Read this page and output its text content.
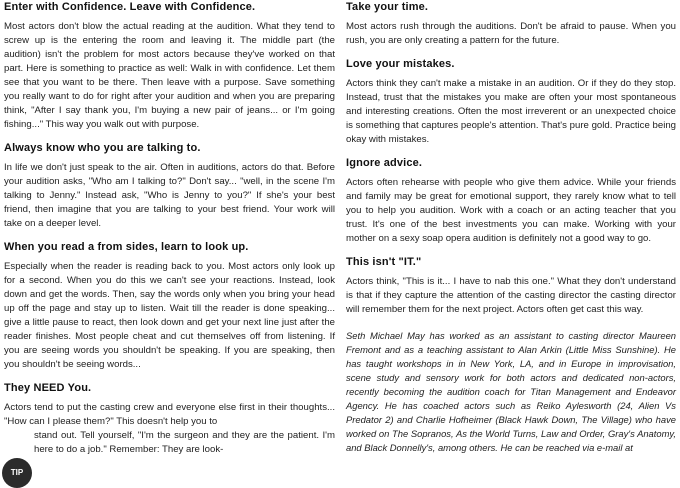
Enter with Confidence. Leave with Confidence.

Most actors don't blow the actual reading at the audition. What they tend to screw up is the entering the room and leaving it. The middle part (the audition) isn't the problem for most actors because they've worked on that part. Here is something to practice as well: Walk in with confidence. Let them see that you want to be there. Then leave with a purpose. Save something you really want to do for right after your audition and when you are preparing think, "After I say thank you, I'm buying a new pair of jeans... or I'm going fishing..." This way you walk out with purpose.

Always know who you are talking to.

In life we don't just speak to the air. Often in auditions, actors do that. Before your audition asks, "Who am I talking to?" Don't say... "well, in the scene I'm talking to Jenny." Instead ask, "Who is Jenny to you?" If she's your best friend, then imagine that you are talking to your best friend. Your work will take on a deeper level.

When you read a from sides, learn to look up.

Especially when the reader is reading back to you. Most actors only look up for a second. When you do this we can't see your reactions. Instead, look down and get the words. Then, say the words only when you bring your head up off the page and stay up to listen. Wait till the reader is done speaking... give a little pause to react, then look down and get your next line just after the reader finishes. Most people cheat and cut themselves off from listening. If you are seeing words you shouldn't be speaking. If you are speaking, then you shouldn't be seeing words...

They NEED You.

Actors tend to put the casting crew and everyone else first in their thoughts... "How can I please them?" This doesn't help you to

stand out. Tell yourself, "I'm the surgeon and they are the patient. I'm here to do a job." Remember: They are look-

TIP
Take your time.

Most actors rush through the auditions. Don't be afraid to pause. When you rush, you are only creating a pattern for the future.

Love your mistakes.

Actors think they can't make a mistake in an audition. Or if they do they stop. Instead, trust that the mistakes you make are often your most spontaneous and interesting creations. Often the most irreverent or an unexpected choice is something that captures people's attention. That's pure gold. Practice being okay with mistakes.

Ignore advice.

Actors often rehearse with people who give them advice. While your friends and family may be great for emotional support, they rarely know what to tell you to help you audition. Work with a coach or an acting teacher that you trust. It's one of the best investments you can make. Working with your mother on a sexy soap opera audition is definitely not a good way to go.

This isn't "IT."

Actors think, "This is it... I have to nab this one." What they don't understand is that if they capture the attention of the casting director the casting director will remember them for the next project. Actors often get cast this way.

Seth Michael May has worked as an assistant to casting director Maureen Fremont and as a teaching assistant to Alan Arkin (Little Miss Sunshine). He has taught workshops in in New York, LA, and in Europe in improvisation, scene study and sensory work for both actors and dedicated non-actors, recently becoming the audition coach for Titan Management and Endeavor Agency. He has coached actors such as Reiko Aylesworth (24, Alien Vs Predator 2) and Charlie Hofheimer (Black Hawk Down, The Village) who have worked on The Sopranos, As the World Turns, Law and Order, Gray's Anatomy, and Black Donnelly's, among others. He can be reached via e-mail at
